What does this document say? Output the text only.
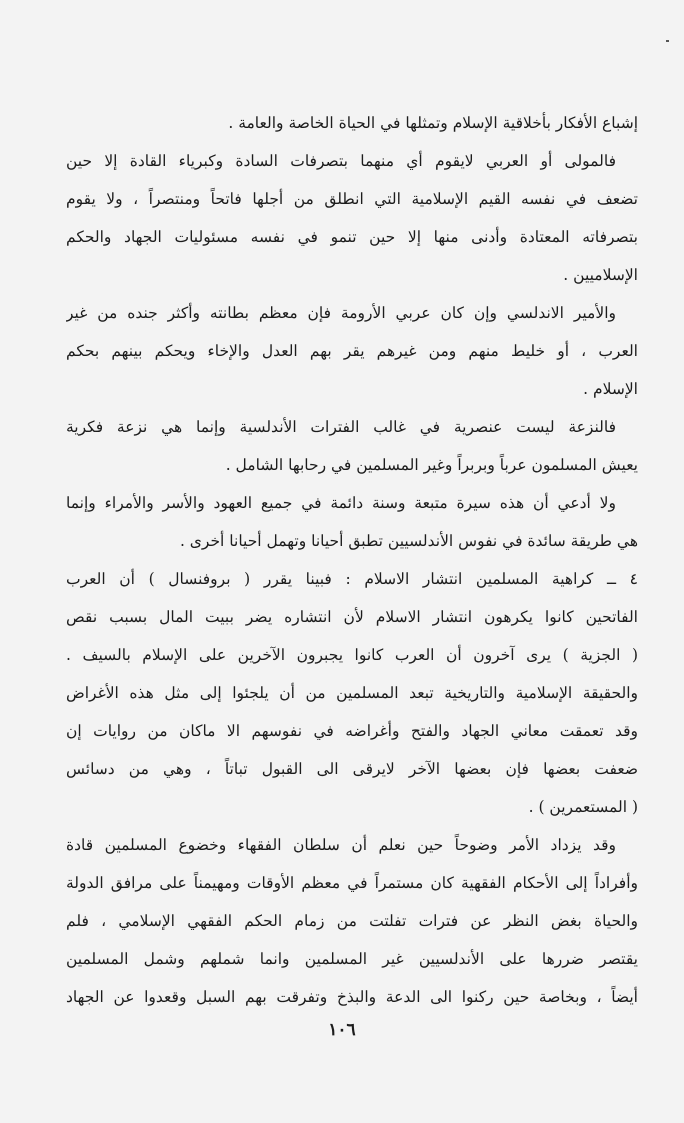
إشباع الأفكار بأخلاقية الإسلام وتمثلها في الحياة الخاصة والعامة .
فالمولى أو العربي لايقوم أي منهما بتصرفات السادة وكبرياء القادة إلا حين
تضعف في نفسه القيم الإسلامية التي انطلق من أجلها فاتحاً ومنتصراً ، ولا يقوم
بتصرفاته المعتادة وأدنى منها إلا حين تنمو في نفسه مسئوليات الجهاد والحكم
الإسلاميين .
والأمير الاندلسي وإن كان عربي الأرومة فإن معظم بطانته وأكثر جنده من غير
العرب ، أو خليط منهم ومن غيرهم يقر بهم العدل والإخاء ويحكم بينهم بحكم
الإسلام .
فالنزعة ليست عنصرية في غالب الفترات الأندلسية وإنما هي نزعة فكرية
يعيش المسلمون عرباً وبربراً وغير المسلمين في رحابها الشامل .
ولا أدعي أن هذه سيرة متبعة وسنة دائمة في جميع العهود والأسر والأمراء وإنما
هي طريقة سائدة في نفوس الأندلسيين تطبق أحيانا وتهمل أحيانا أخرى .
٤ ــ كراهية المسلمين انتشار الاسلام : فبينا يقرر ( بروفنسال ) أن العرب
الفاتحين كانوا يكرهون انتشار الاسلام لأن انتشاره يضر ببيت المال بسبب نقص
( الجزية ) يرى آخرون أن العرب كانوا يجبرون الآخرين على الإسلام بالسيف .
والحقيقة الإسلامية والتاريخية تبعد المسلمين من أن يلجئوا إلى مثل هذه الأغراض
وقد تعمقت معاني الجهاد والفتح وأغراضه في نفوسهم الا ماكان من روايات إن
ضعفت بعضها فإن بعضها الآخر لايرقى الى القبول تباتاً ، وهي من دسائس
( المستعمرين ) .
وقد يزداد الأمر وضوحاً حين نعلم أن سلطان الفقهاء وخضوع المسلمين قادة
وأفراداً إلى الأحكام الفقهية كان مستمراً في معظم الأوقات ومهيمناً على مرافق الدولة
والحياة بغض النظر عن فترات تفلتت من زمام الحكم الفقهي الإسلامي ، فلم
يقتصر ضررها على الأندلسيين غير المسلمين وانما شملهم وشمل المسلمين
أيضاً ، وبخاصة حين ركنوا الى الدعة والبذخ وتفرقت بهم السبل وقعدوا عن الجهاد
١٠٦
